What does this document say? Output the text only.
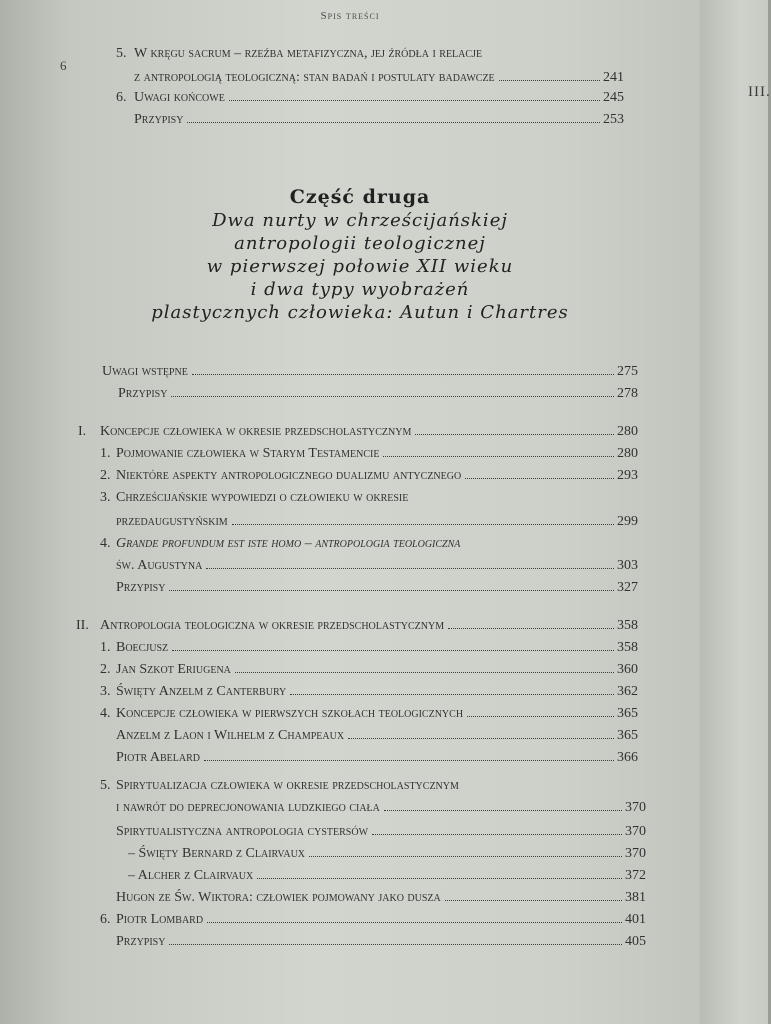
Spis treści
6
5. W kręgu sacrum – rzeźba metafizyczna, jej źródła i relacje
z antropologią teologiczną: stan badań i postulaty badawcze	241
6. Uwagi końcowe	245
Przypisy	253
Część druga
Dwa nurty w chrześcijańskiej
antropologii teologicznej
w pierwszej połowie XII wieku
i dwa typy wyobrażeń
plastycznych człowieka: Autun i Chartres
Uwagi wstępne	275
Przypisy	278
I. Koncepcje człowieka w okresie przedscholastycznym	280
1. Pojmowanie człowieka w Starym Testamencie	280
2. Niektóre aspekty antropologicznego dualizmu antycznego	293
3. Chrześcijańskie wypowiedzi o człowieku w okresie
przedaugustyńskim	299
4. Grande profundum est iste homo – antropologia teologiczna
św. Augustyna	303
Przypisy	327
II. Antropologia teologiczna w okresie przedscholastycznym	358
1. Boecjusz	358
2. Jan Szkot Eriugena	360
3. Święty Anzelm z Canterbury	362
4. Koncepcje człowieka w pierwszych szkołach teologicznych	365
Anzelm z Laon i Wilhelm z Champeaux	365
Piotr Abelard	366
5. Spirytualizacja człowieka w okresie przedscholastycznym
i nawrót do deprecjonowania ludzkiego ciała	370
Spirytualistyczna antropologia cystersów	370
– Święty Bernard z Clairvaux	370
– Alcher z Clairvaux	372
Hugon ze Św. Wiktora: człowiek pojmowany jako dusza	381
6. Piotr Lombard	401
Przypisy	405
III.
